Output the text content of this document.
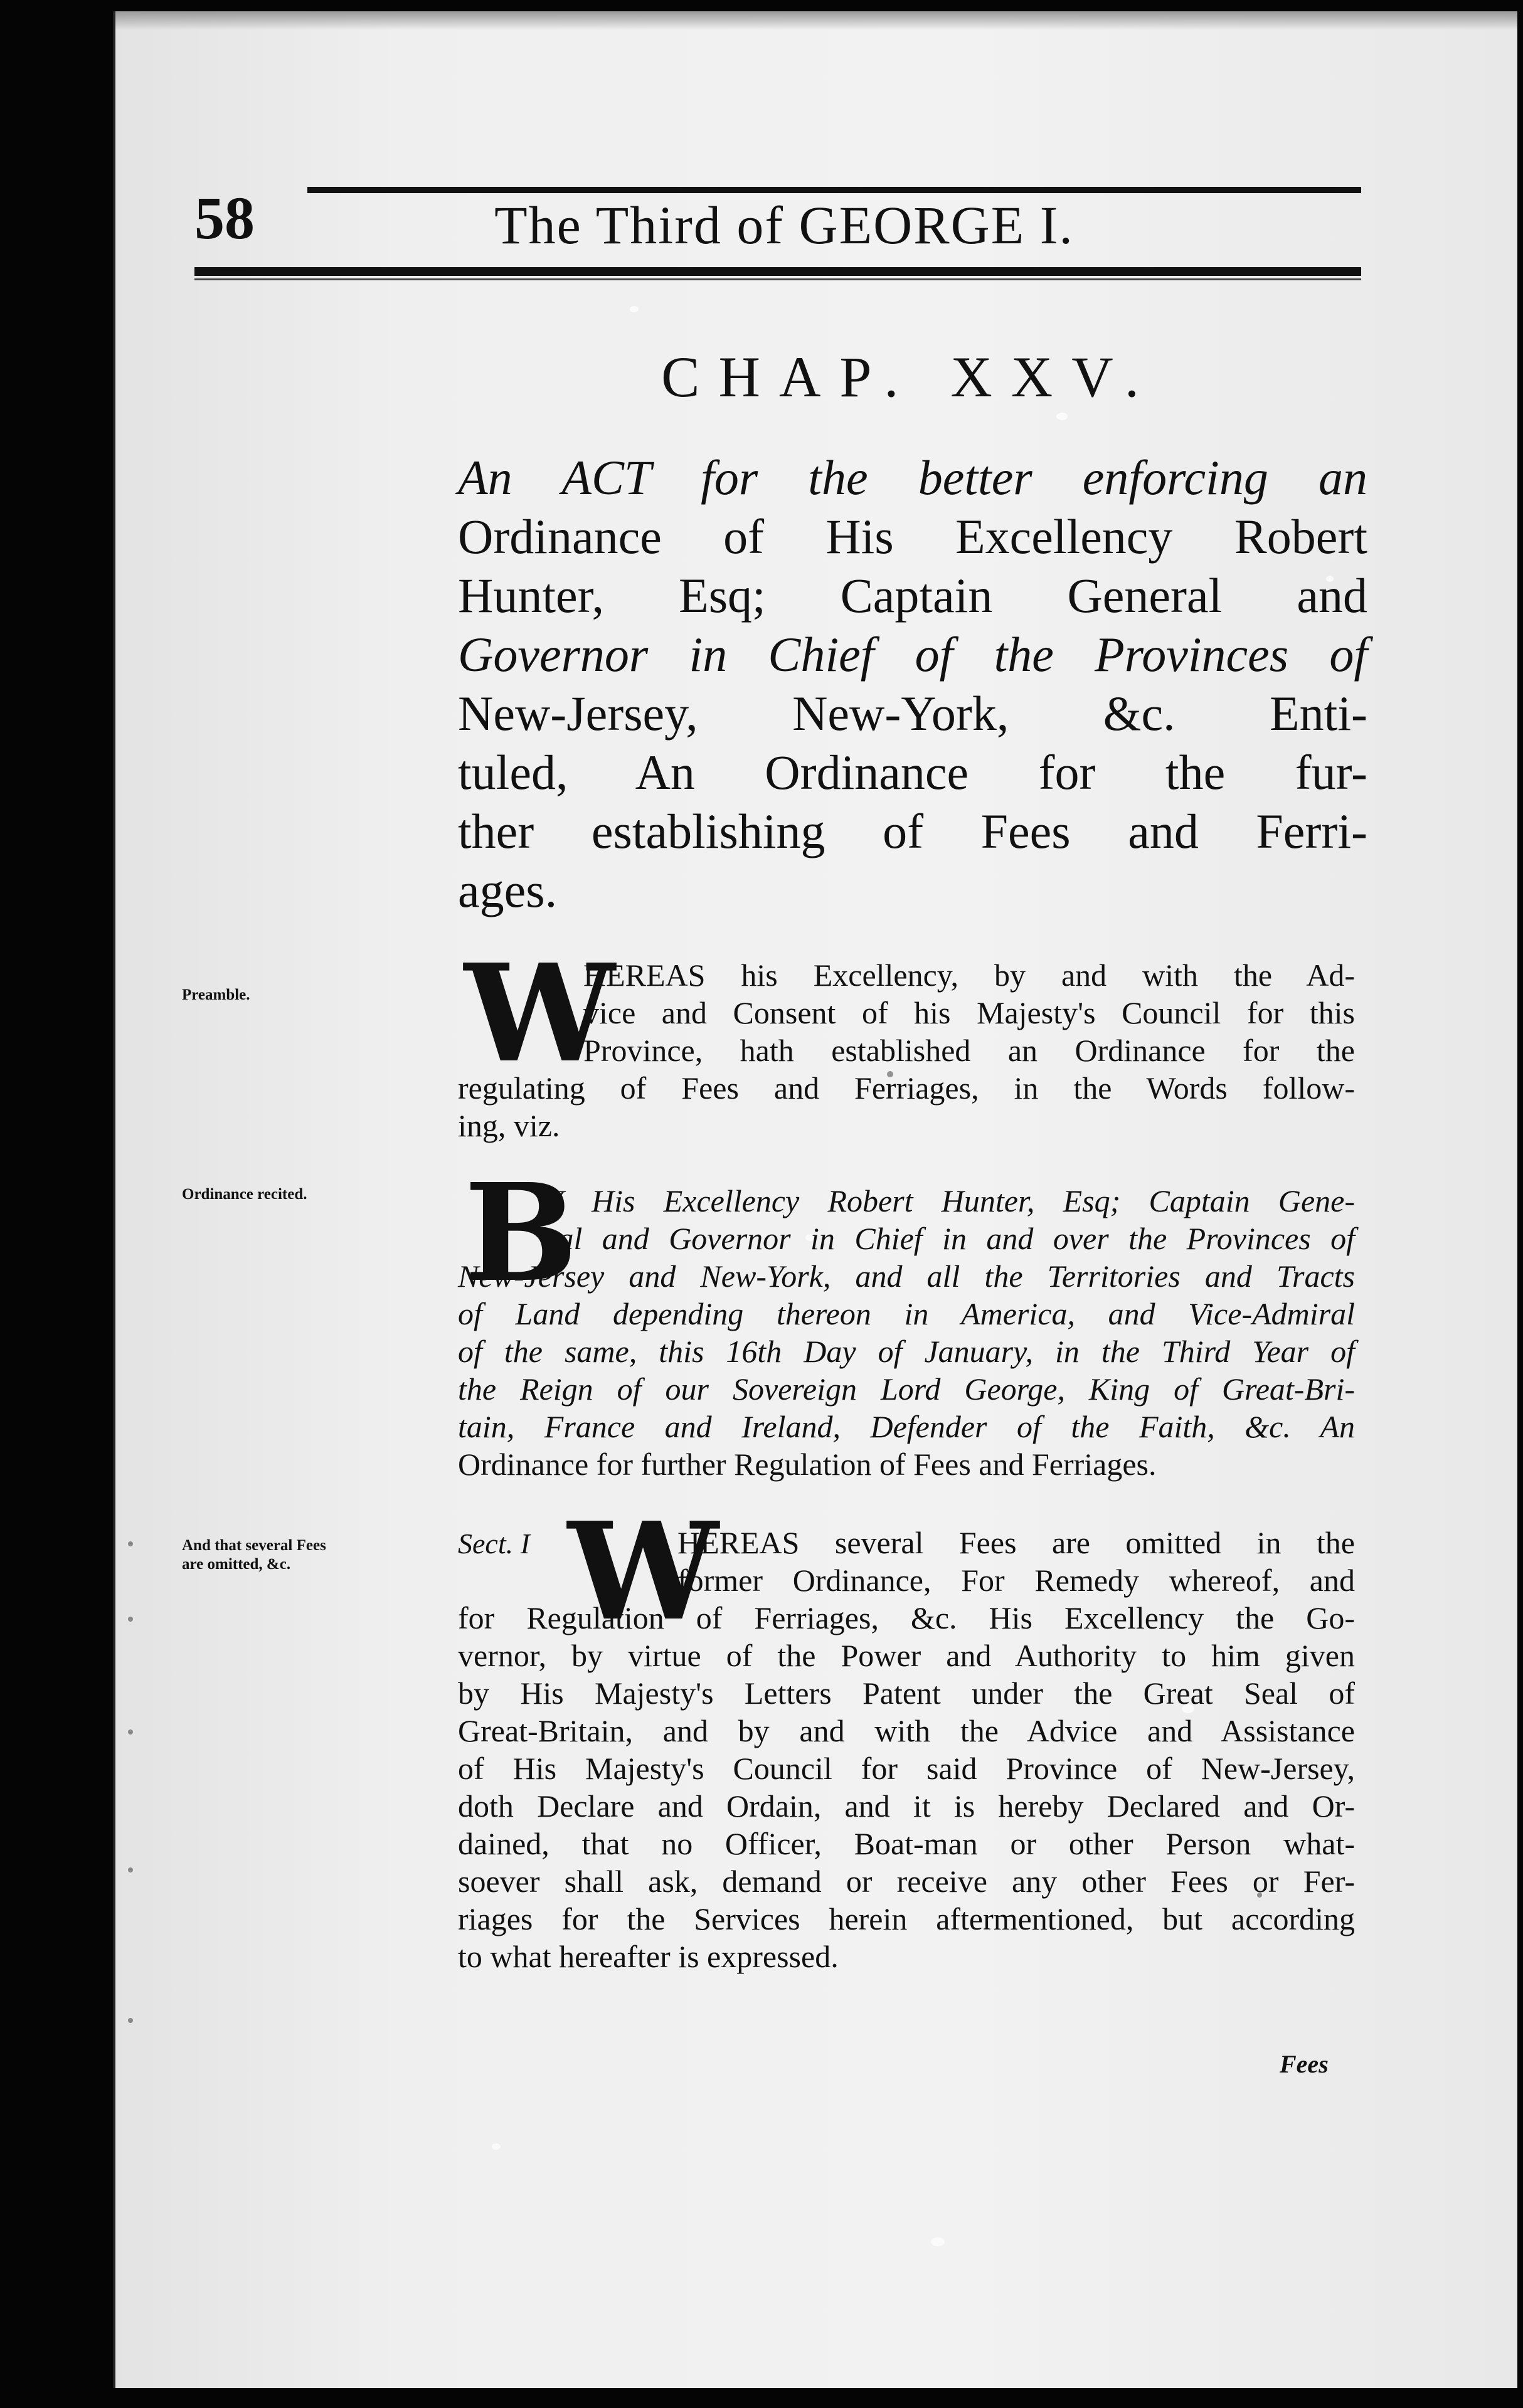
58	The Third of GEORGE I.
CHAP. XXV.
An ACT for the better enforcing an
Ordinance of His Excellency Robert
Hunter, Esq; Captain General and
Governor in Chief of the Provinces of
New-Jersey, New-York, &c. Enti-
tuled, An Ordinance for the fur-
ther establishing of Fees and Ferri-
ages.
Preamble.
Ordinance recited.
And that several Fees are omitted, &c.
W
HEREAS his Excellency, by and with the Ad-
vice and Consent of his Majesty's Council for this
Province, hath established an Ordinance for the
regulating of Fees and Ferriages, in the Words follow-
ing, viz.
B
Y His Excellency Robert Hunter, Esq; Captain Gene-
ral and Governor in Chief in and over the Provinces of
New-Jersey and New-York, and all the Territories and Tracts
of Land depending thereon in America, and Vice-Admiral
of the same, this 16th Day of January, in the Third Year of
the Reign of our Sovereign Lord George, King of Great-Bri-
tain, France and Ireland, Defender of the Faith, &c. An
Ordinance for further Regulation of Fees and Ferriages.
Sect. I W
HEREAS several Fees are omitted in the
former Ordinance, For Remedy whereof, and
for Regulation of Ferriages, &c. His Excellency the Go-
vernor, by virtue of the Power and Authority to him given
by His Majesty's Letters Patent under the Great Seal of
Great-Britain, and by and with the Advice and Assistance
of His Majesty's Council for said Province of New-Jersey,
doth Declare and Ordain, and it is hereby Declared and Or-
dained, that no Officer, Boat-man or other Person what-
soever shall ask, demand or receive any other Fees or Fer-
riages for the Services herein aftermentioned, but according
to what hereafter is expressed.
Fees
